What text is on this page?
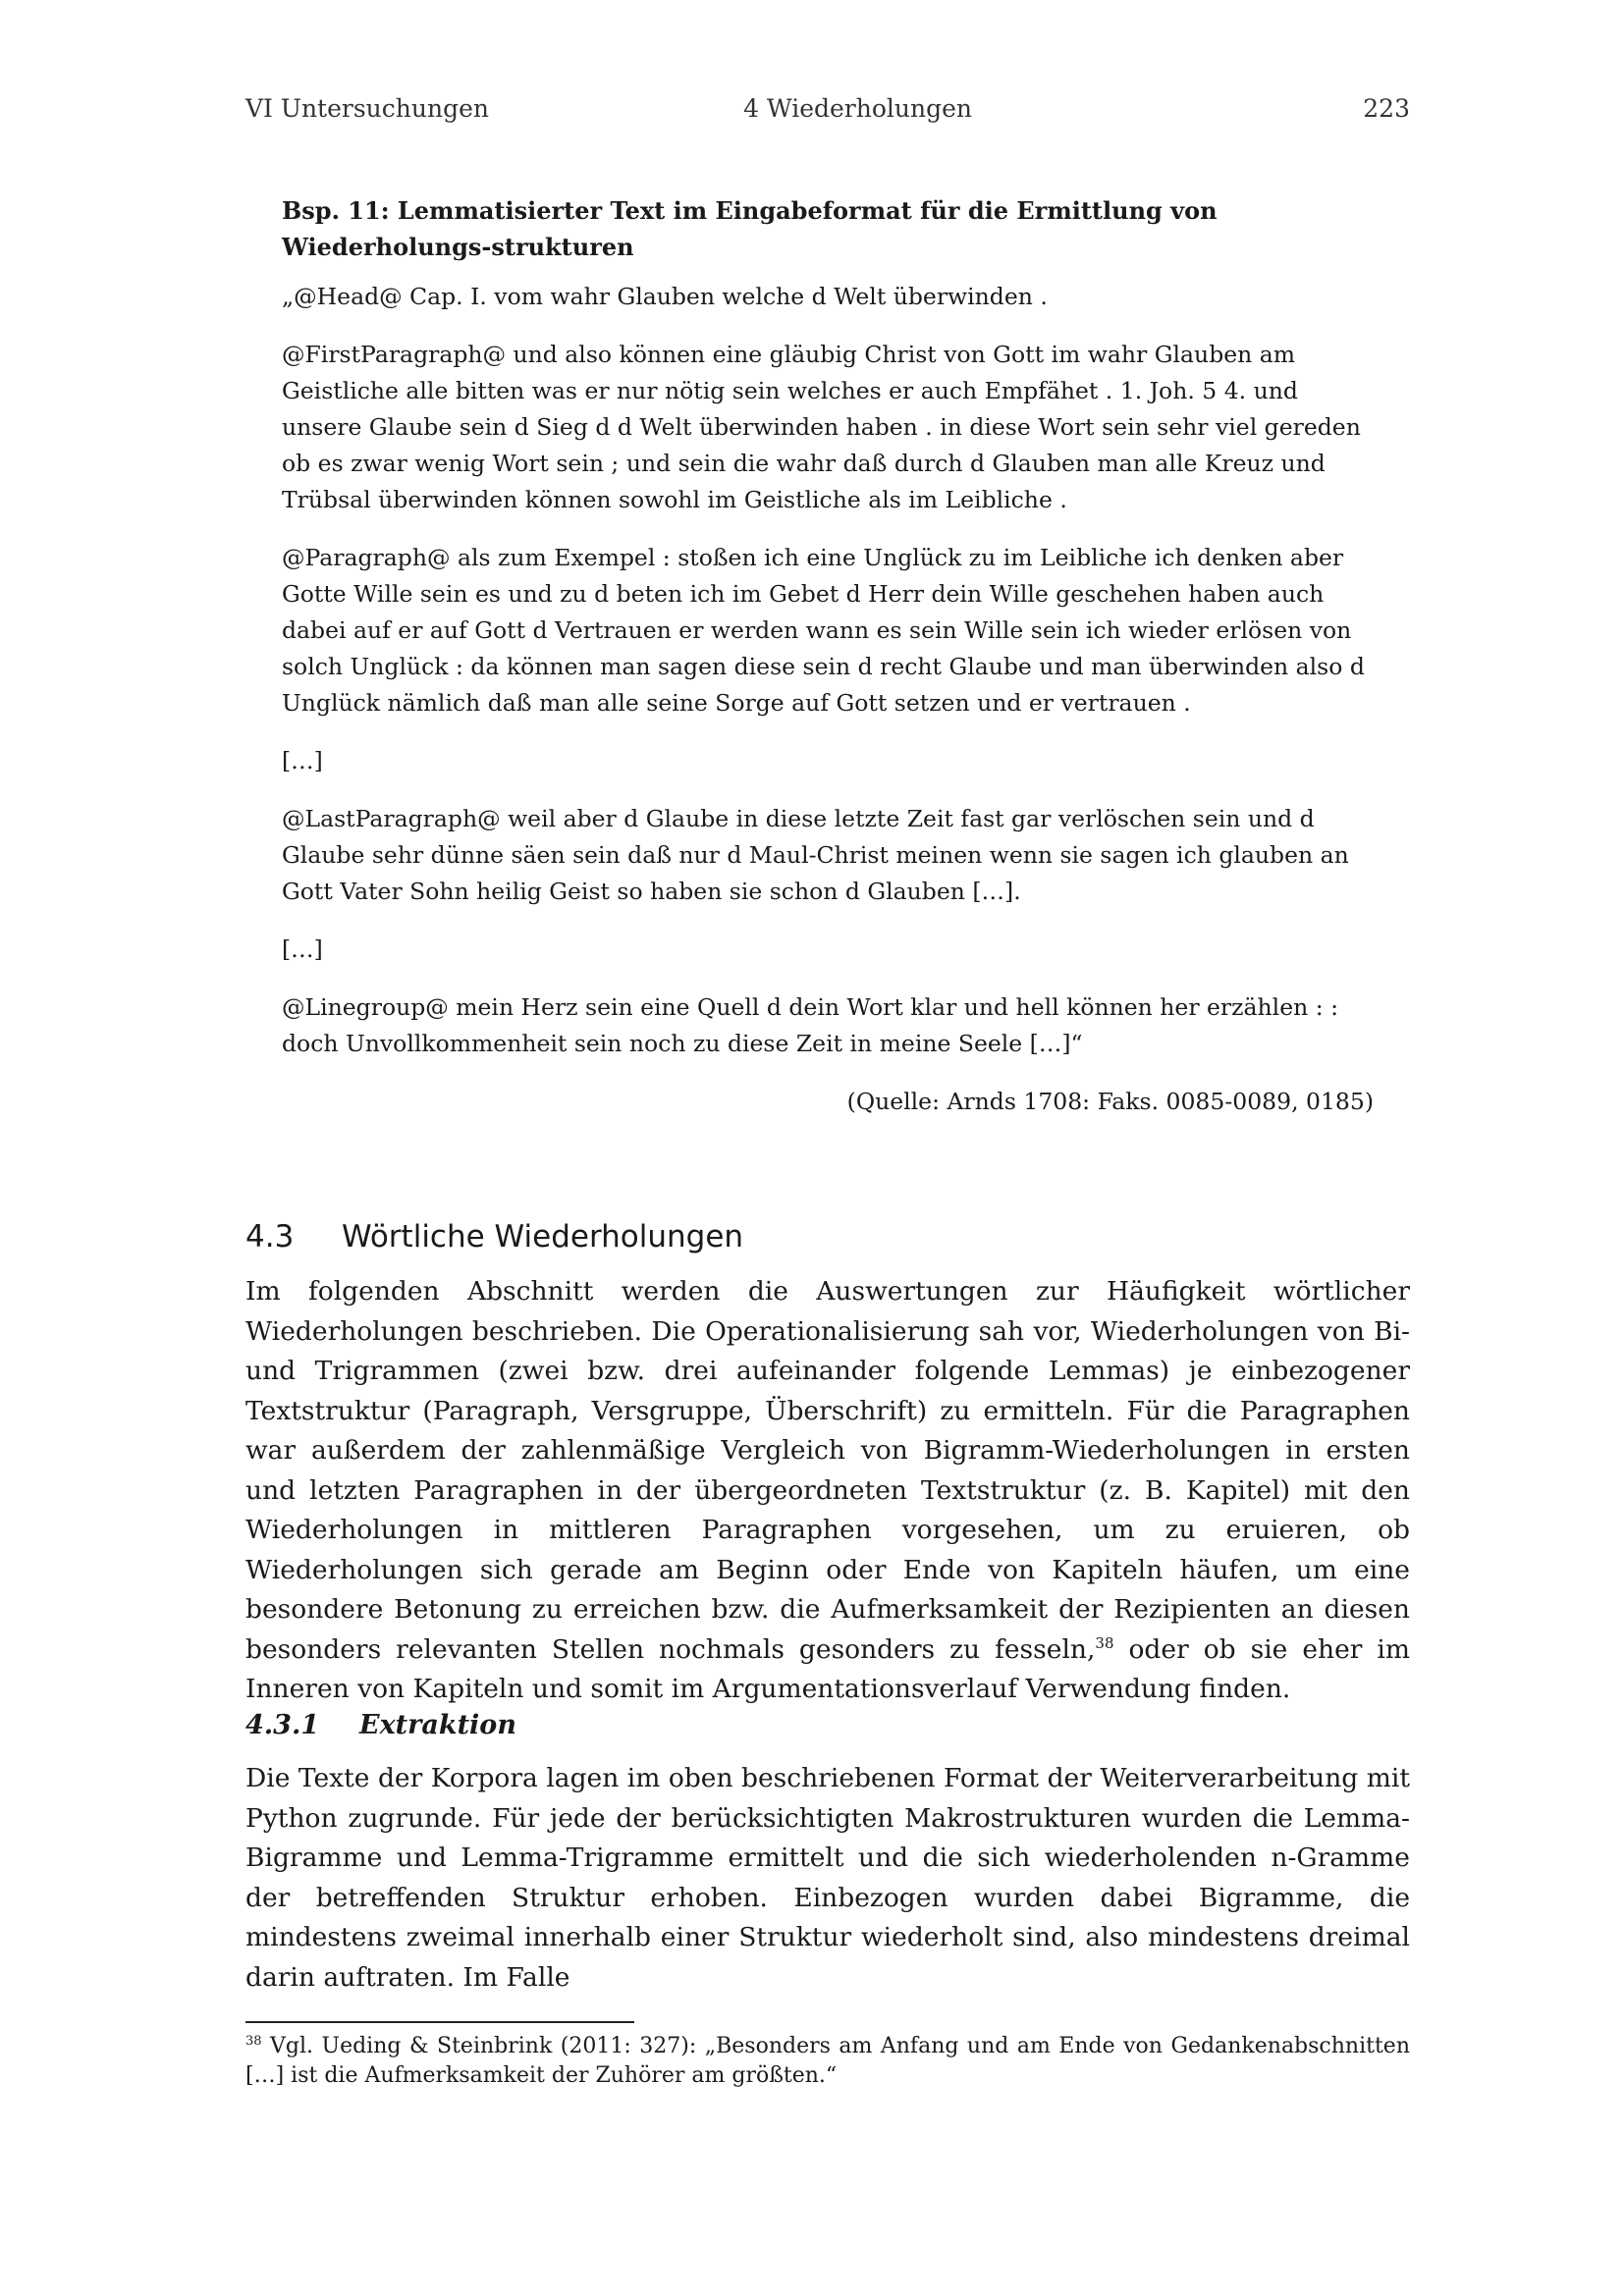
VI Untersuchungen	4 Wiederholungen	223
Bsp. 11: Lemmatisierter Text im Eingabeformat für die Ermittlung von Wiederholungs-strukturen

„@Head@ Cap. I. vom wahr Glauben welche d Welt überwinden .

@FirstParagraph@ und also können eine gläubig Christ von Gott im wahr Glauben am Geistliche alle bitten was er nur nötig sein welches er auch Empfähet . 1. Joh. 5 4. und unsere Glaube sein d Sieg d d Welt überwinden haben . in diese Wort sein sehr viel gereden ob es zwar wenig Wort sein ; und sein die wahr daß durch d Glauben man alle Kreuz und Trübsal überwinden können sowohl im Geistliche als im Leibliche .

@Paragraph@ als zum Exempel : stoßen ich eine Unglück zu im Leibliche ich denken aber Gotte Wille sein es und zu d beten ich im Gebet d Herr dein Wille geschehen haben auch dabei auf er auf Gott d Vertrauen er werden wann es sein Wille sein ich wieder erlösen von solch Unglück : da können man sagen diese sein d recht Glaube und man überwinden also d Unglück nämlich daß man alle seine Sorge auf Gott setzen und er vertrauen .

[…]

@LastParagraph@ weil aber d Glaube in diese letzte Zeit fast gar verlöschen sein und d Glaube sehr dünne säen sein daß nur d Maul-Christ meinen wenn sie sagen ich glauben an Gott Vater Sohn heilig Geist so haben sie schon d Glauben […].

[…]

@Linegroup@ mein Herz sein eine Quell d dein Wort klar und hell können her erzählen : : doch Unvollkommenheit sein noch zu diese Zeit in meine Seele […]“

(Quelle: Arnds 1708: Faks. 0085-0089, 0185)
4.3 Wörtliche Wiederholungen

Im folgenden Abschnitt werden die Auswertungen zur Häufigkeit wörtlicher Wiederholungen beschrieben. Die Operationalisierung sah vor, Wiederholungen von Bi- und Trigrammen (zwei bzw. drei aufeinander folgende Lemmas) je einbezogener Textstruktur (Paragraph, Versgruppe, Überschrift) zu ermitteln. Für die Paragraphen war außerdem der zahlenmäßige Vergleich von Bigramm-Wiederholungen in ersten und letzten Paragraphen in der übergeordneten Textstruktur (z. B. Kapitel) mit den Wiederholungen in mittleren Paragraphen vorgesehen, um zu eruieren, ob Wiederholungen sich gerade am Beginn oder Ende von Kapiteln häufen, um eine besondere Betonung zu erreichen bzw. die Aufmerksamkeit der Rezipienten an diesen besonders relevanten Stellen nochmals gesonders zu fesseln,$^{38}$ oder ob sie eher im Inneren von Kapiteln und somit im Argumentationsverlauf Verwendung finden.

4.3.1 Extraktion

Die Texte der Korpora lagen im oben beschriebenen Format der Weiterverarbeitung mit Python zugrunde. Für jede der berücksichtigten Makrostrukturen wurden die Lemma-Bigramme und Lemma-Trigramme ermittelt und die sich wiederholenden n-Gramme der betreffenden Struktur erhoben. Einbezogen wurden dabei Bigramme, die mindestens zweimal innerhalb einer Struktur wiederholt sind, also mindestens dreimal darin auftraten. Im Falle

$^{38}$ Vgl. Ueding & Steinbrink (2011: 327): „Besonders am Anfang und am Ende von Gedankenabschnitten […] ist die Aufmerksamkeit der Zuhörer am größten.“
